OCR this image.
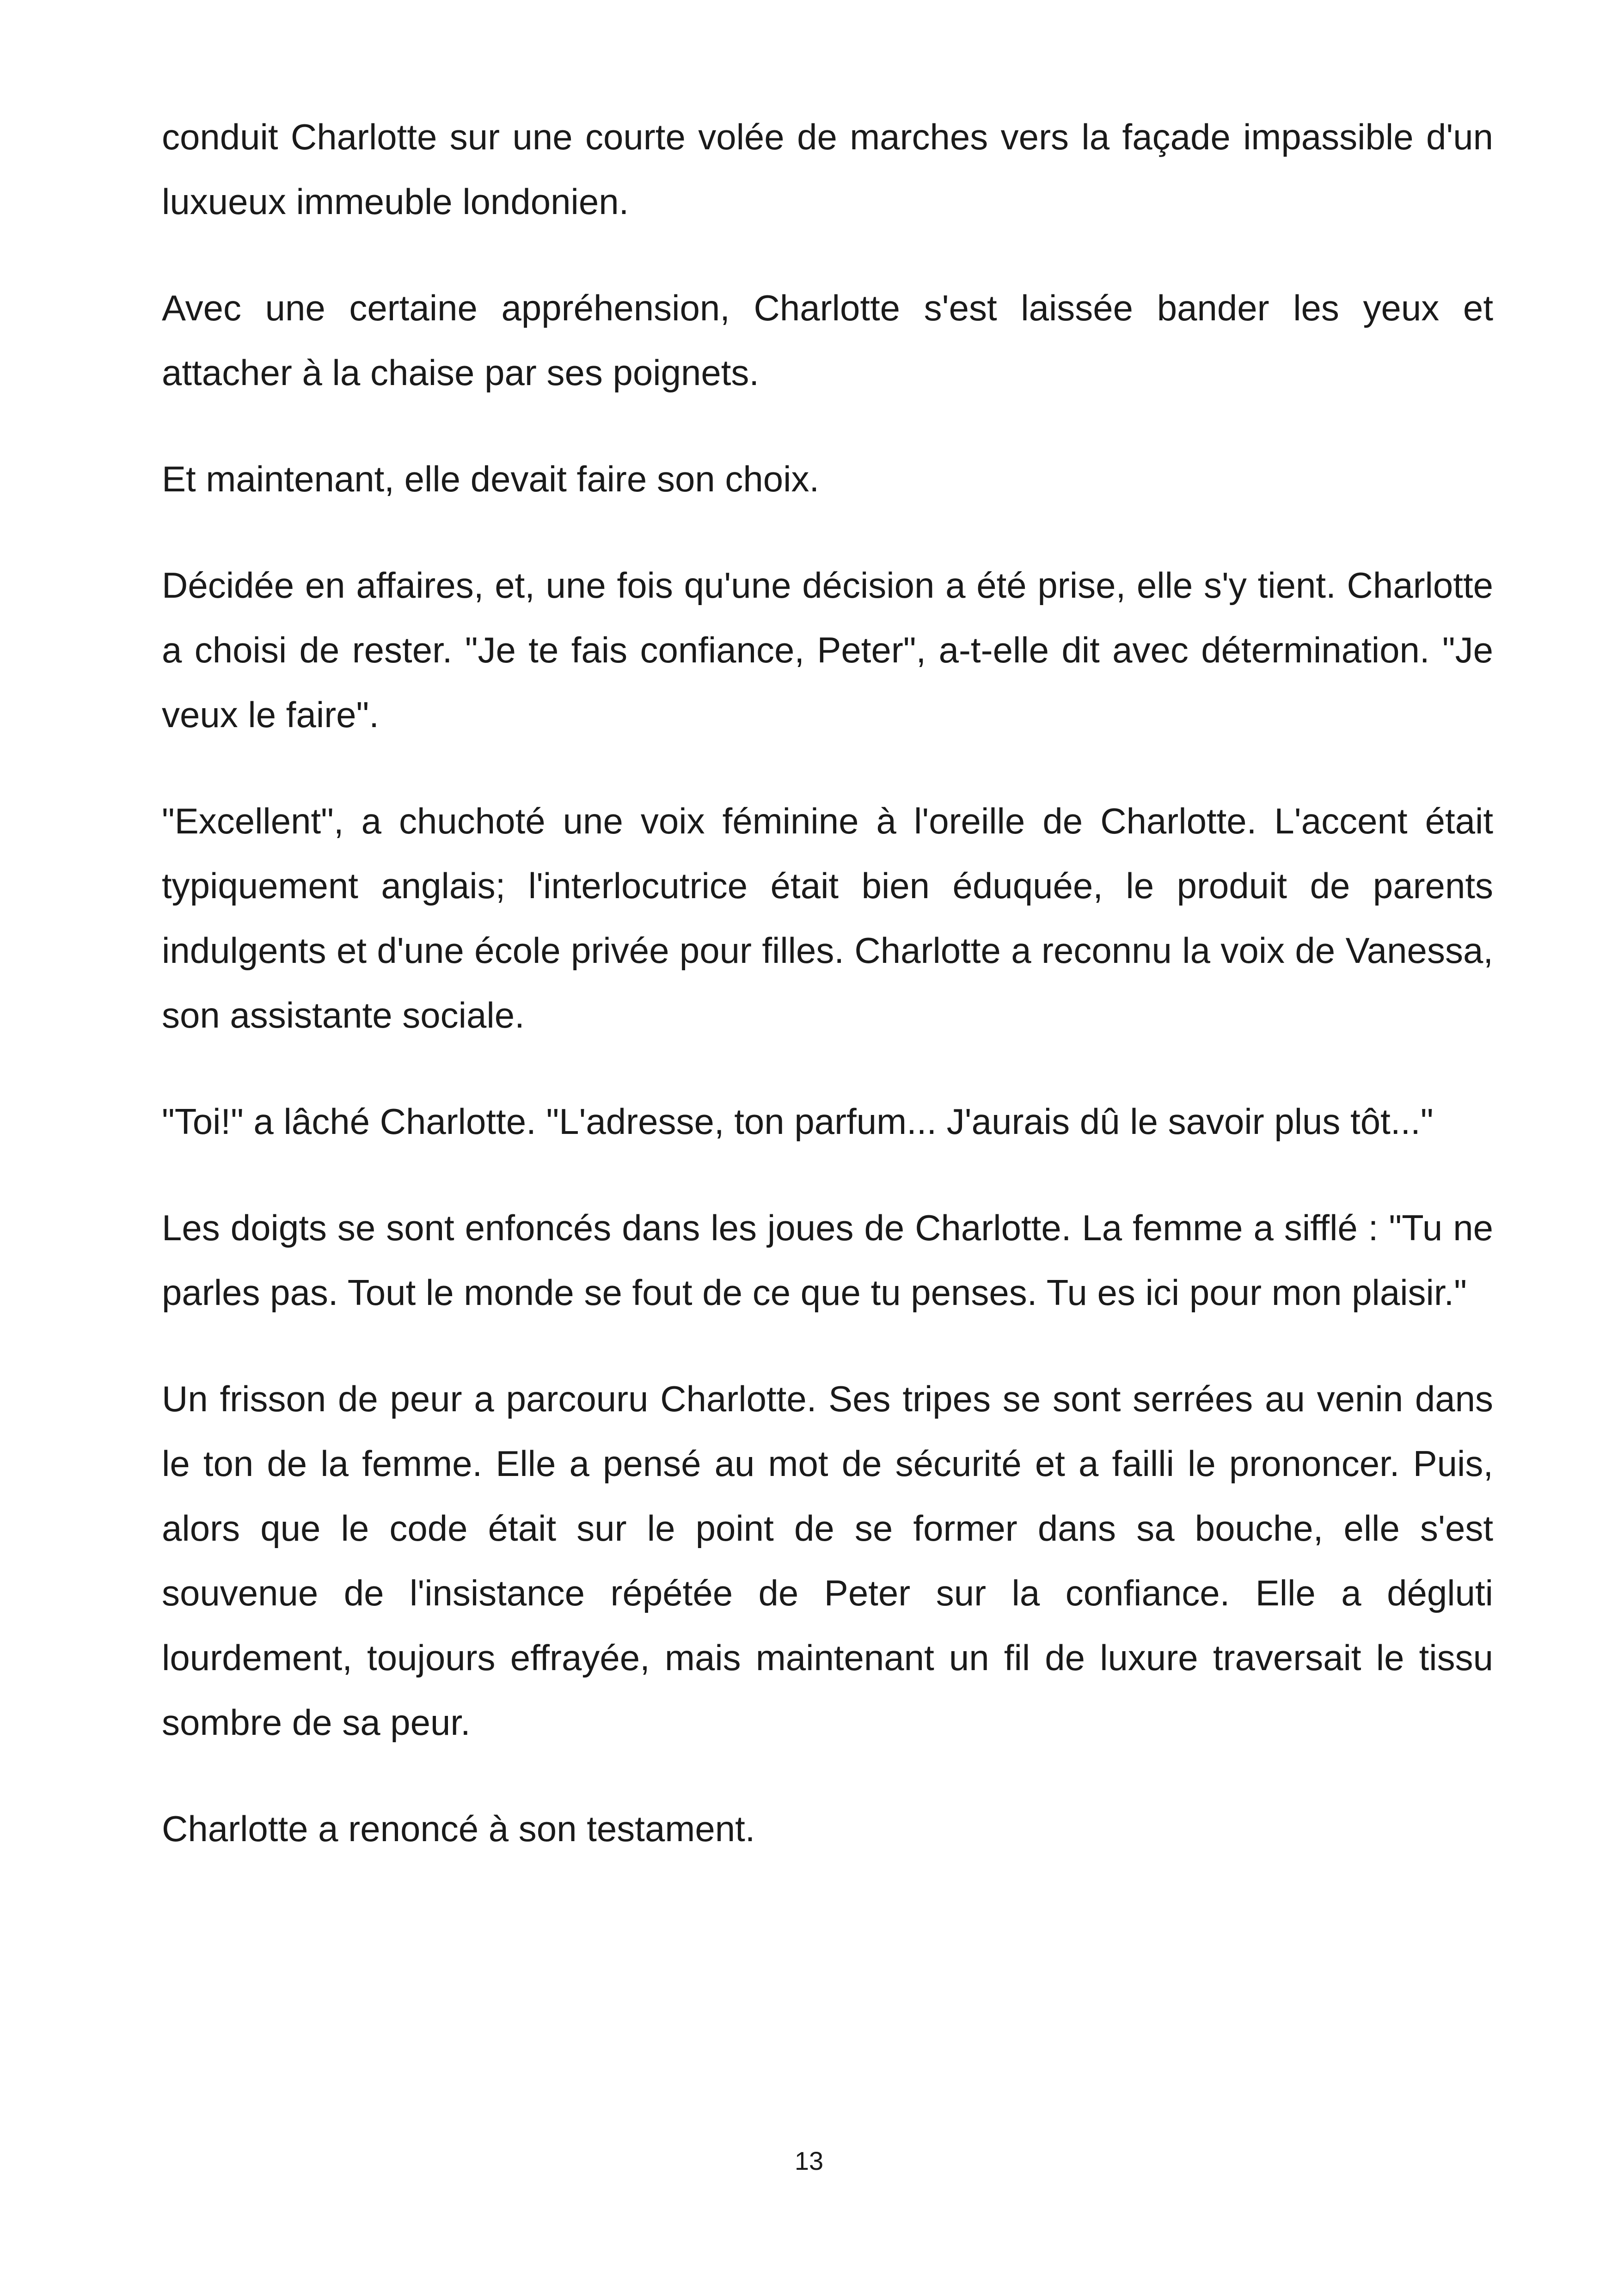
conduit Charlotte sur une courte volée de marches vers la façade impassible d'un luxueux immeuble londonien.

Avec une certaine appréhension, Charlotte s'est laissée bander les yeux et attacher à la chaise par ses poignets.

Et maintenant, elle devait faire son choix.

Décidée en affaires, et, une fois qu'une décision a été prise, elle s'y tient. Charlotte a choisi de rester. "Je te fais confiance, Peter", a-t-elle dit avec détermination. "Je veux le faire".

"Excellent", a chuchoté une voix féminine à l'oreille de Charlotte. L'accent était typiquement anglais; l'interlocutrice était bien éduquée, le produit de parents indulgents et d'une école privée pour filles. Charlotte a reconnu la voix de Vanessa, son assistante sociale.

"Toi!" a lâché Charlotte. "L'adresse, ton parfum... J'aurais dû le savoir plus tôt..."

Les doigts se sont enfoncés dans les joues de Charlotte. La femme a sifflé : "Tu ne parles pas. Tout le monde se fout de ce que tu penses. Tu es ici pour mon plaisir."

Un frisson de peur a parcouru Charlotte. Ses tripes se sont serrées au venin dans le ton de la femme. Elle a pensé au mot de sécurité et a failli le prononcer. Puis, alors que le code était sur le point de se former dans sa bouche, elle s'est souvenue de l'insistance répétée de Peter sur la confiance. Elle a dégluti lourdement, toujours effrayée, mais maintenant un fil de luxure traversait le tissu sombre de sa peur.

Charlotte a renoncé à son testament.

13
